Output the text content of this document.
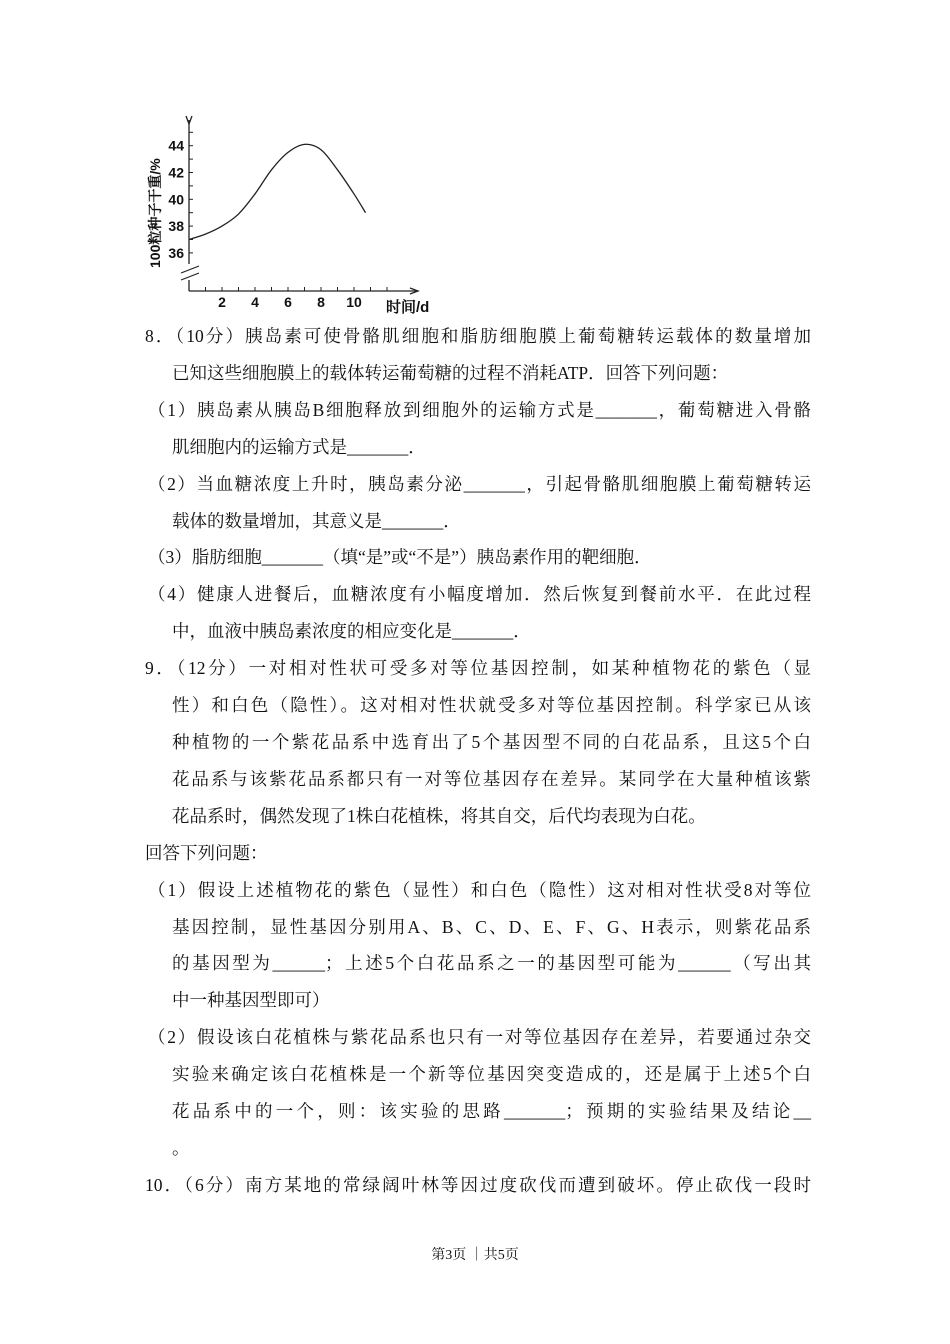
2 4 6 8 10
36
38
40
42
44
时间/d
100粒种子干重/%
8．（10分）胰岛素可使骨骼肌细胞和脂肪细胞膜上葡萄糖转运载体的数量增加
已知这些细胞膜上的载体转运葡萄糖的过程不消耗ATP．回答下列问题：
（1）胰岛素从胰岛B细胞释放到细胞外的运输方式是_______，葡萄糖进入骨骼
肌细胞内的运输方式是_______．
（2）当血糖浓度上升时，胰岛素分泌_______，引起骨骼肌细胞膜上葡萄糖转运
载体的数量增加，其意义是_______．
（3）脂肪细胞_______（填“是”或“不是”）胰岛素作用的靶细胞．
（4）健康人进餐后，血糖浓度有小幅度增加．然后恢复到餐前水平．在此过程
中，血液中胰岛素浓度的相应变化是_______．
9．（12分）一对相对性状可受多对等位基因控制，如某种植物花的紫色（显
性）和白色（隐性）。这对相对性状就受多对等位基因控制。科学家已从该
种植物的一个紫花品系中选育出了5个基因型不同的白花品系，且这5个白
花品系与该紫花品系都只有一对等位基因存在差异。某同学在大量种植该紫
花品系时，偶然发现了1株白花植株，将其自交，后代均表现为白花。
回答下列问题：
（1）假设上述植物花的紫色（显性）和白色（隐性）这对相对性状受8对等位
基因控制，显性基因分别用A、B、C、D、E、F、G、H表示，则紫花品系
的基因型为______；上述5个白花品系之一的基因型可能为______（写出其
中一种基因型即可）
（2）假设该白花植株与紫花品系也只有一对等位基因存在差异，若要通过杂交
实验来确定该白花植株是一个新等位基因突变造成的，还是属于上述5个白
花品系中的一个，则：该实验的思路_______；预期的实验结果及结论__
。
10．（6分）南方某地的常绿阔叶林等因过度砍伐而遭到破坏。停止砍伐一段时
第3页 ｜共5页
